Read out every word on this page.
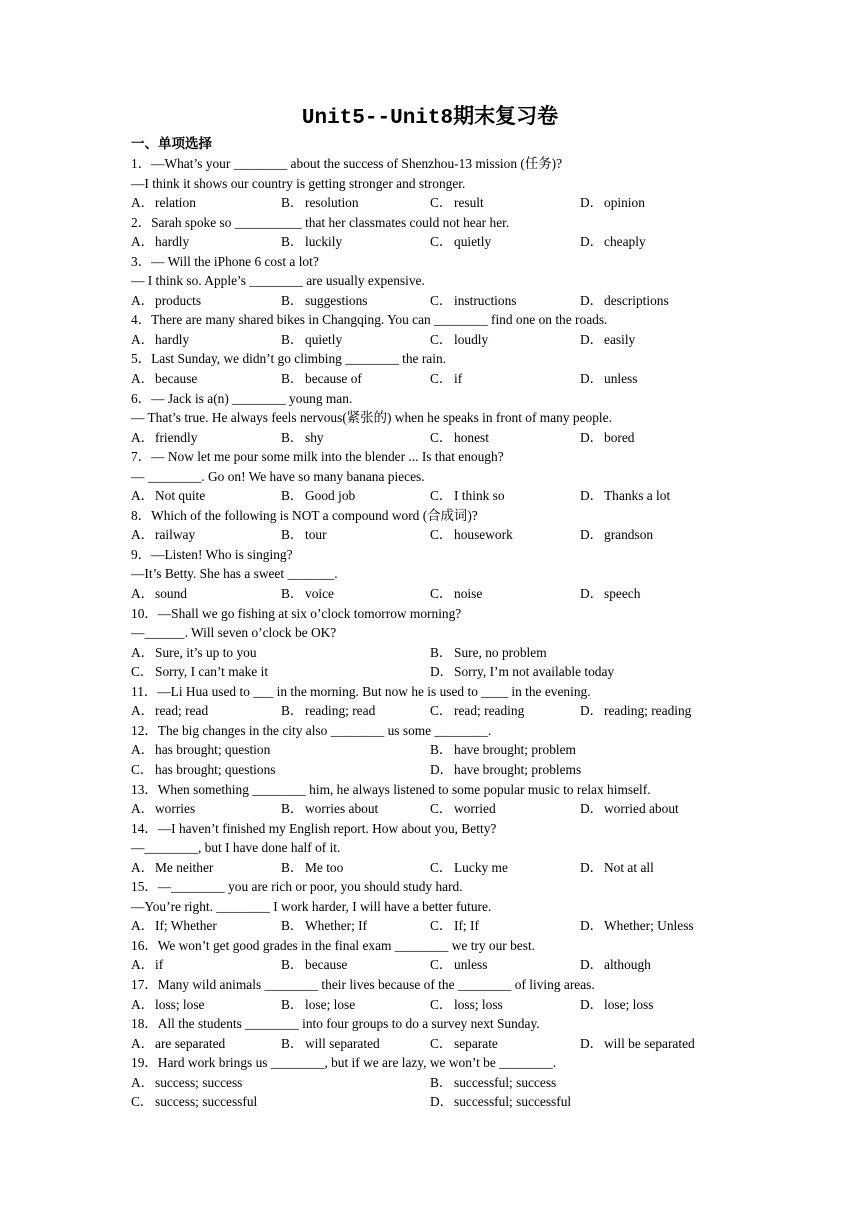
Unit5--Unit8期末复习卷
一、单项选择
1．—What’s your ________ about the success of Shenzhou-13 mission (任务)?
—I think it shows our country is getting stronger and stronger.
A．relation	B． resolution	C． result	D．opinion
2．Sarah spoke so __________ that her classmates could not hear her.
A．hardly	B． luckily	C． quietly	D．cheaply
3．— Will the iPhone 6 cost a lot?
— I think so. Apple’s ________ are usually expensive.
A．products	B． suggestions	C． instructions	D．descriptions
4．There are many shared bikes in Changqing. You can ________ find one on the roads.
A．hardly	B． quietly	C． loudly	D．easily
5．Last Sunday, we didn’t go climbing ________ the rain.
A．because	B． because of	C． if	D．unless
6．— Jack is a(n) ________ young man.
— That’s true. He always feels nervous(紧张的) when he speaks in front of many people.
A．friendly	B． shy	C． honest	D．bored
7．— Now let me pour some milk into the blender ... Is that enough?
— ________. Go on! We have so many banana pieces.
A．Not quite	B． Good job	C． I think so	D．Thanks a lot
8．Which of the following is NOT a compound word (合成词)?
A．railway	B． tour	C． housework	D．grandson
9．—Listen! Who is singing?
—It’s Betty. She has a sweet _______.
A．sound	B． voice	C． noise	D．speech
10．—Shall we go fishing at six o’clock tomorrow morning?
—______. Will seven o’clock be OK?
A．Sure, it’s up to you	B． Sure, no problem
C． Sorry, I can’t make it	D．Sorry, I’m not available today
11．—Li Hua used to ___ in the morning. But now he is used to ____ in the evening.
A．read; read	B． reading; read	C． read; reading	D．reading; reading
12．The big changes in the city also ________ us some ________.
A．has brought; question	B． have brought; problem
C． has brought; questions	D．have brought; problems
13．When something ________ him, he always listened to some popular music to relax himself.
A．worries	B． worries about	C． worried	D．worried about
14．—I haven’t finished my English report. How about you, Betty?
—________, but I have done half of it.
A．Me neither	B． Me too	C． Lucky me	D．Not at all
15．—________ you are rich or poor, you should study hard.
—You’re right. ________ I work harder, I will have a better future.
A．If; Whether	B． Whether; If	C． If; If	D．Whether; Unless
16．We won’t get good grades in the final exam ________ we try our best.
A．if	B． because	C． unless	D．although
17．Many wild animals ________ their lives because of the ________ of living areas.
A．loss; lose	B． lose; lose	C． loss; loss	D．lose; loss
18．All the students ________ into four groups to do a survey next Sunday.
A．are separated	B． will separated	C． separate	D．will be separated
19．Hard work brings us ________, but if we are lazy, we won’t be ________.
A．success; success	B． successful; success
C． success; successful	D．successful; successful
